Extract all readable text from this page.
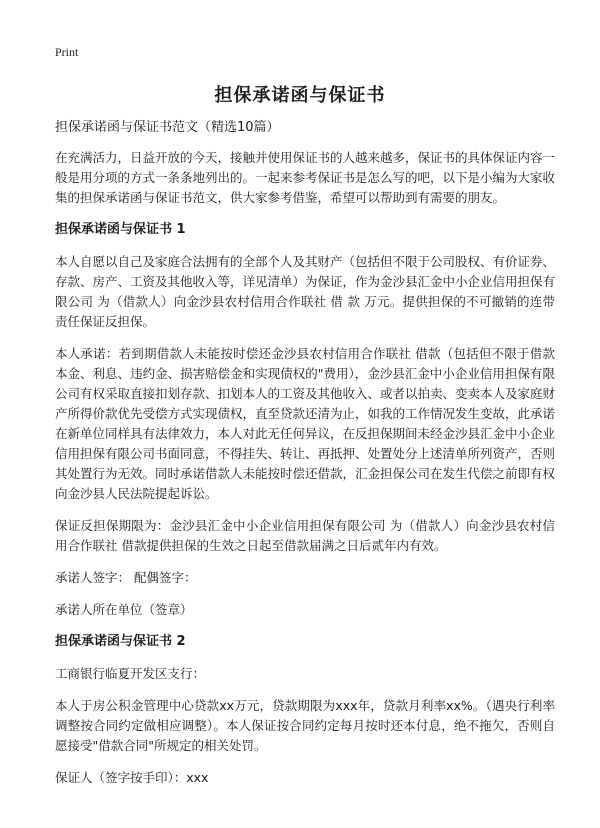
Print
担保承诺函与保证书

担保承诺函与保证书范文（精选10篇）

在充满活力，日益开放的今天，接触并使用保证书的人越来越多，保证书的具体保证内容一般是用分项的方式一条条地列出的。一起来参考保证书是怎么写的吧，以下是小编为大家收集的担保承诺函与保证书范文，供大家参考借鉴，希望可以帮助到有需要的朋友。

担保承诺函与保证书 1

本人自愿以自己及家庭合法拥有的全部个人及其财产（包括但不限于公司股权、有价证券、存款、房产、工资及其他收入等，详见清单）为保证，作为金沙县汇金中小企业信用担保有限公司 为（借款人）向金沙县农村信用合作联社 借 款 万元。提供担保的不可撤销的连带责任保证反担保。

本人承诺：若到期借款人未能按时偿还金沙县农村信用合作联社 借款（包括但不限于借款本金、利息、违约金、损害赔偿金和实现债权的"费用），金沙县汇金中小企业信用担保有限公司有权采取直接扣划存款、扣划本人的工资及其他收入、或者以拍卖、变卖本人及家庭财产所得价款优先受偿方式实现债权，直至贷款还清为止，如我的工作情况发生变故，此承诺在新单位同样具有法律效力，本人对此无任何异议，在反担保期间未经金沙县汇金中小企业信用担保有限公司书面同意，不得挂失、转让、再抵押、处置处分上述清单所列资产，否则其处置行为无效。同时承诺借款人未能按时偿还借款，汇金担保公司在发生代偿之前即有权向金沙县人民法院提起诉讼。

保证反担保期限为：金沙县汇金中小企业信用担保有限公司 为（借款人）向金沙县农村信用合作联社 借款提供担保的生效之日起至借款届满之日后贰年内有效。

承诺人签字： 配偶签字：

承诺人所在单位（签章）

担保承诺函与保证书 2

工商银行临夏开发区支行：

本人于房公积金管理中心贷款xx万元，贷款期限为xxx年，贷款月利率xx%。（遇央行利率调整按合同约定做相应调整）。本人保证按合同约定每月按时还本付息，绝不拖欠，否则自愿接受"借款合同"所规定的相关处罚。

保证人（签字按手印）：xxx
